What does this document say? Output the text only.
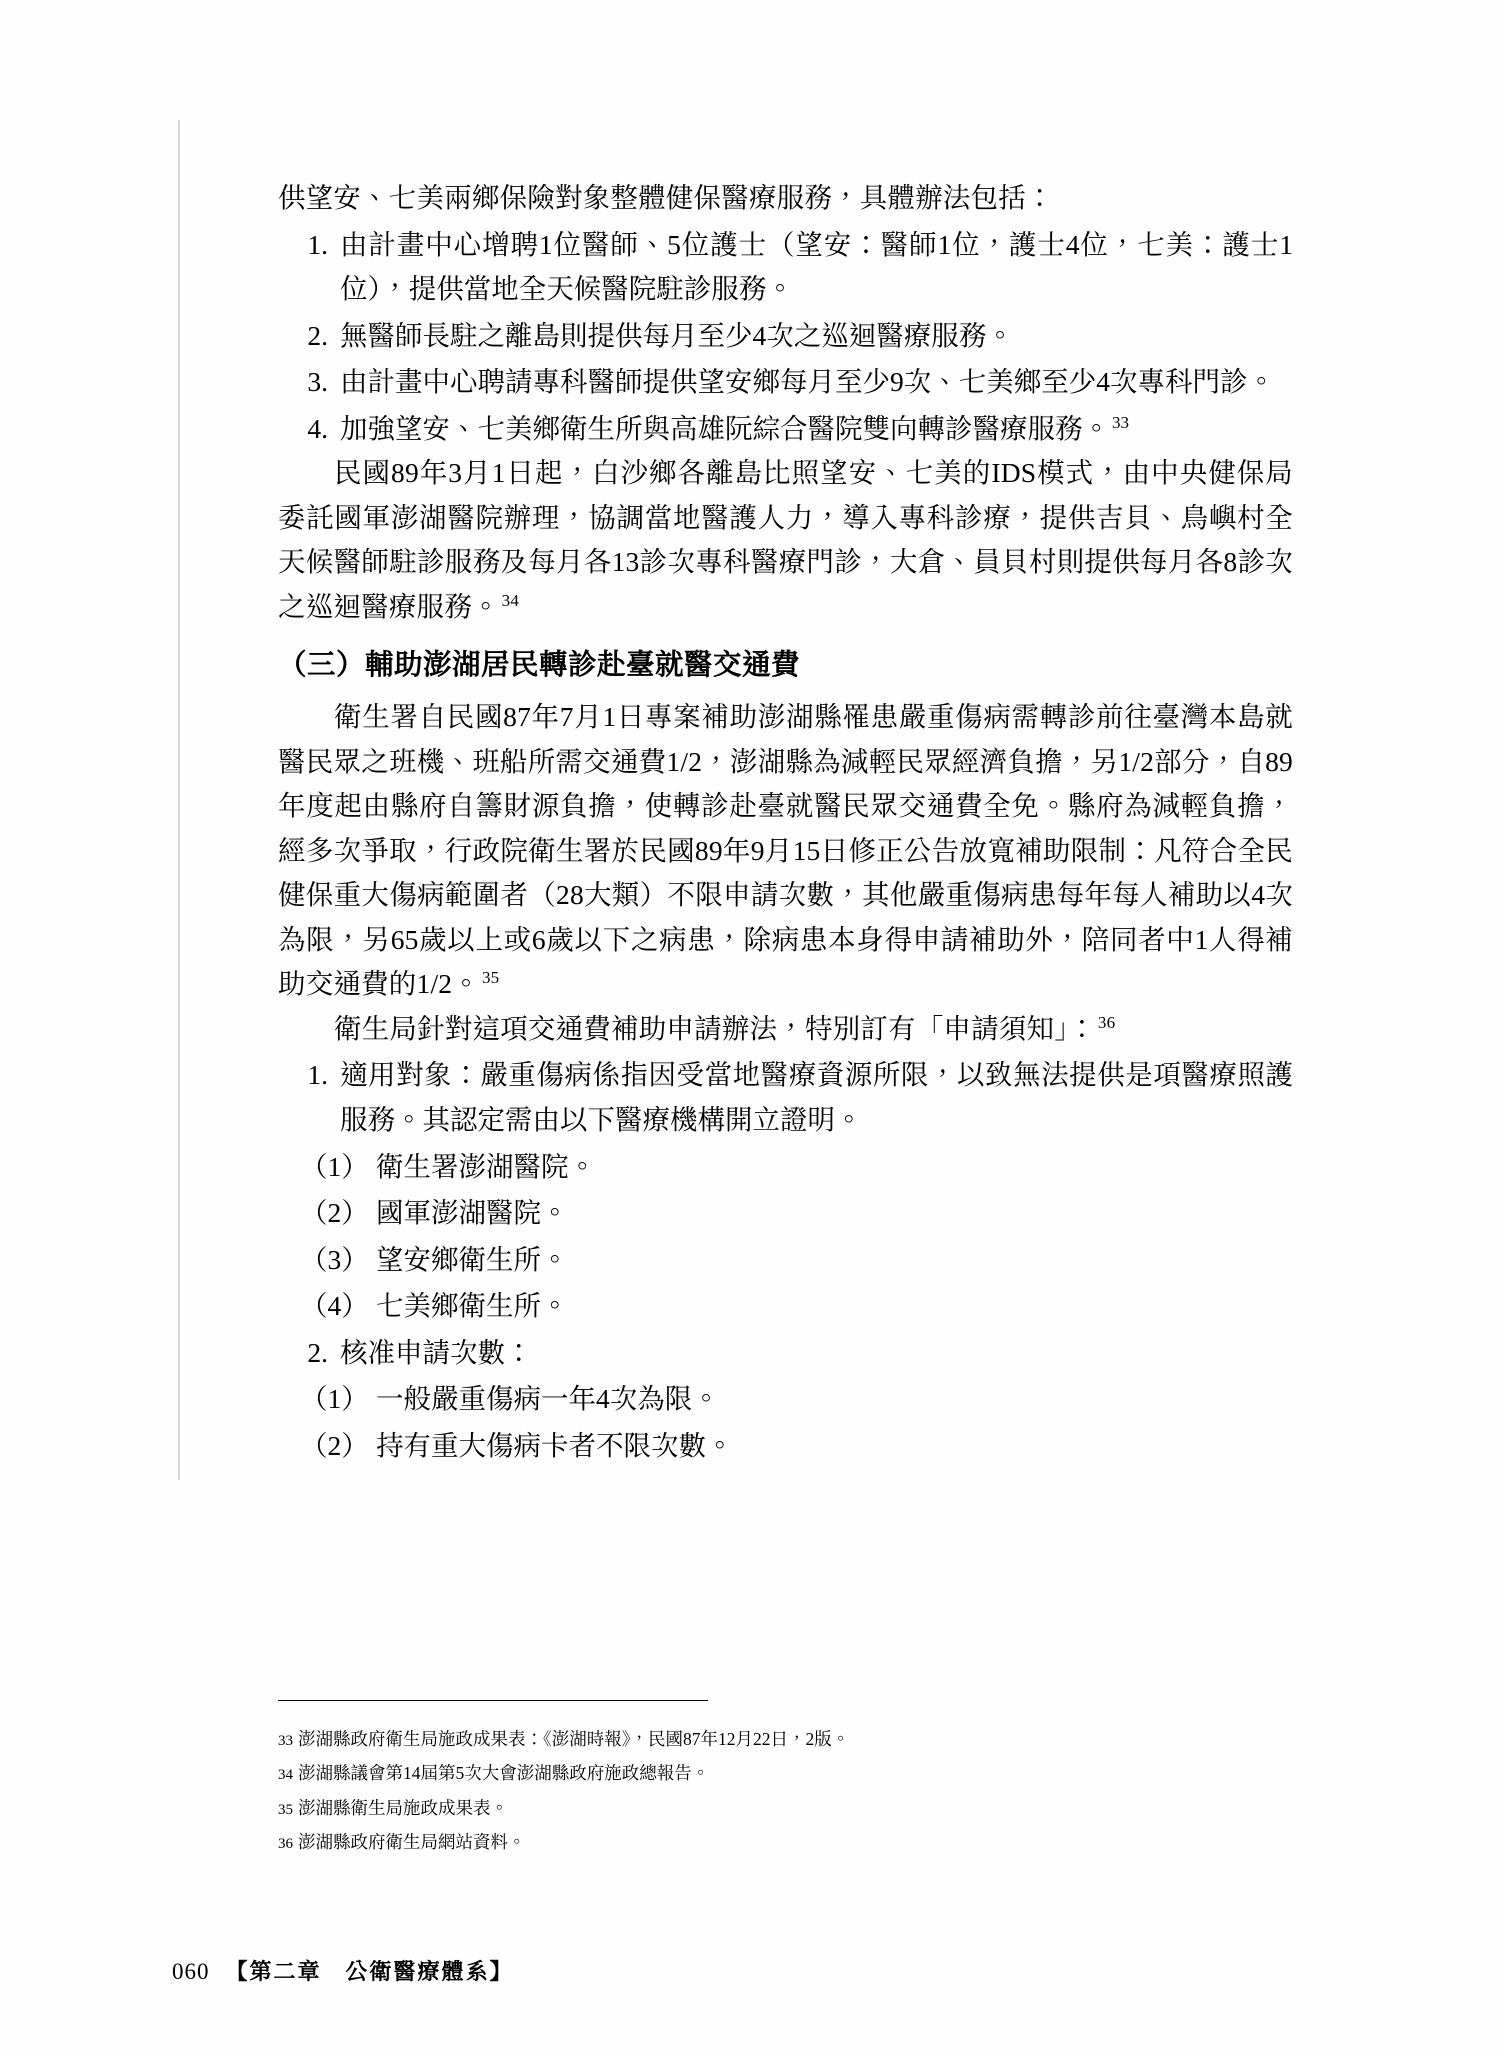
供望安、七美兩鄉保險對象整體健保醫療服務，具體辦法包括：
1. 由計畫中心增聘1位醫師、5位護士（望安：醫師1位，護士4位，七美：護士1位），提供當地全天候醫院駐診服務。
2. 無醫師長駐之離島則提供每月至少4次之巡迴醫療服務。
3. 由計畫中心聘請專科醫師提供望安鄉每月至少9次、七美鄉至少4次專科門診。
4. 加強望安、七美鄉衛生所與高雄阮綜合醫院雙向轉診醫療服務。 $^{33}$
民國89年3月1日起，白沙鄉各離島比照望安、七美的IDS模式，由中央健保局委託國軍澎湖醫院辦理，協調當地醫護人力，導入專科診療，提供吉貝、鳥嶼村全天候醫師駐診服務及每月各13診次專科醫療門診，大倉、員貝村則提供每月各8診次之巡迴醫療服務。 $^{34}$
（三）輔助澎湖居民轉診赴臺就醫交通費
衛生署自民國87年7月1日專案補助澎湖縣罹患嚴重傷病需轉診前往臺灣本島就醫民眾之班機、班船所需交通費1/2，澎湖縣為減輕民眾經濟負擔，另1/2部分，自89年度起由縣府自籌財源負擔，使轉診赴臺就醫民眾交通費全免。縣府為減輕負擔，經多次爭取，行政院衛生署於民國89年9月15日修正公告放寬補助限制：凡符合全民健保重大傷病範圍者（28大類）不限申請次數，其他嚴重傷病患每年每人補助以4次為限，另65歲以上或6歲以下之病患，除病患本身得申請補助外，陪同者中1人得補助交通費的1/2。 $^{35}$
衛生局針對這項交通費補助申請辦法，特別訂有「申請須知」： $^{36}$
1. 適用對象：嚴重傷病係指因受當地醫療資源所限，以致無法提供是項醫療照護服務。其認定需由以下醫療機構開立證明。
（1） 衛生署澎湖醫院。
（2） 國軍澎湖醫院。
（3） 望安鄉衛生所。
（4） 七美鄉衛生所。
2. 核准申請次數：
（1） 一般嚴重傷病一年4次為限。
（2） 持有重大傷病卡者不限次數。
33 澎湖縣政府衛生局施政成果表：《澎湖時報》，民國87年12月22日，2版。
34 澎湖縣議會第14屆第5次大會澎湖縣政府施政總報告。
35 澎湖縣衛生局施政成果表。
36 澎湖縣政府衛生局網站資料。
060 【第二章　公衛醫療體系】
